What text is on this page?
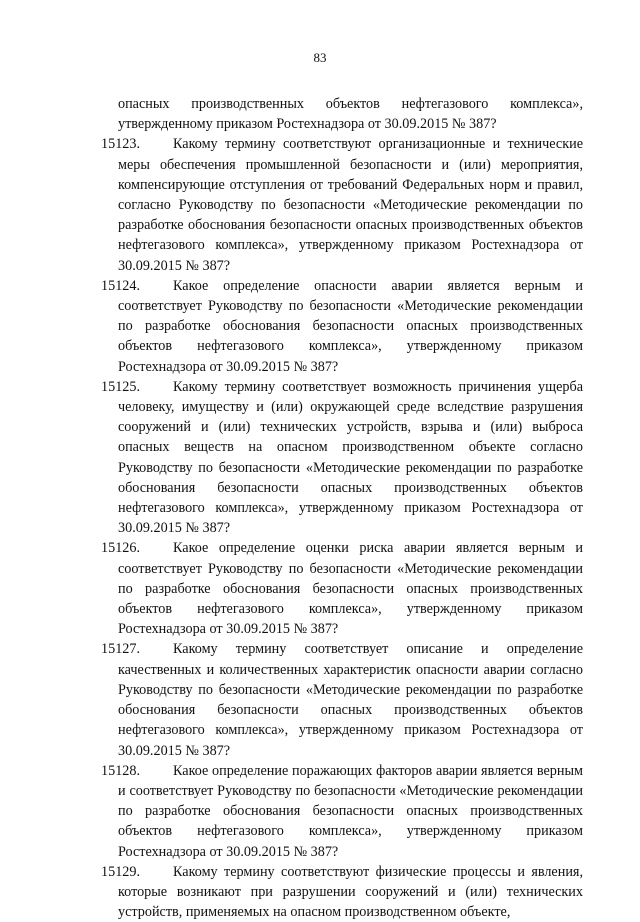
83

опасных производственных объектов нефтегазового комплекса», утвержденному приказом Ростехнадзора от 30.09.2015 № 387?

15123.	Какому термину соответствуют организационные и технические меры обеспечения промышленной безопасности и (или) мероприятия, компенсирующие отступления от требований Федеральных норм и правил, согласно Руководству по безопасности «Методические рекомендации по разработке обоснования безопасности опасных производственных объектов нефтегазового комплекса», утвержденному приказом Ростехнадзора от 30.09.2015 № 387?
15124.	Какое определение опасности аварии является верным и соответствует Руководству по безопасности «Методические рекомендации по разработке обоснования безопасности опасных производственных объектов нефтегазового комплекса», утвержденному приказом Ростехнадзора от 30.09.2015 № 387?
15125.	Какому термину соответствует возможность причинения ущерба человеку, имуществу и (или) окружающей среде вследствие разрушения сооружений и (или) технических устройств, взрыва и (или) выброса опасных веществ на опасном производственном объекте согласно Руководству по безопасности «Методические рекомендации по разработке обоснования безопасности опасных производственных объектов нефтегазового комплекса», утвержденному приказом Ростехнадзора от 30.09.2015 № 387?
15126.	Какое определение оценки риска аварии является верным и соответствует Руководству по безопасности «Методические рекомендации по разработке обоснования безопасности опасных производственных объектов нефтегазового комплекса», утвержденному приказом Ростехнадзора от 30.09.2015 № 387?
15127.	Какому термину соответствует описание и определение качественных и количественных характеристик опасности аварии согласно Руководству по безопасности «Методические рекомендации по разработке обоснования безопасности опасных производственных объектов нефтегазового комплекса», утвержденному приказом Ростехнадзора от 30.09.2015 № 387?
15128.	Какое определение поражающих факторов аварии является верным и соответствует Руководству по безопасности «Методические рекомендации по разработке обоснования безопасности опасных производственных объектов нефтегазового комплекса», утвержденному приказом Ростехнадзора от 30.09.2015 № 387?
15129.	Какому термину соответствуют физические процессы и явления, которые возникают при разрушении сооружений и (или) технических устройств, применяемых на опасном производственном объекте,
